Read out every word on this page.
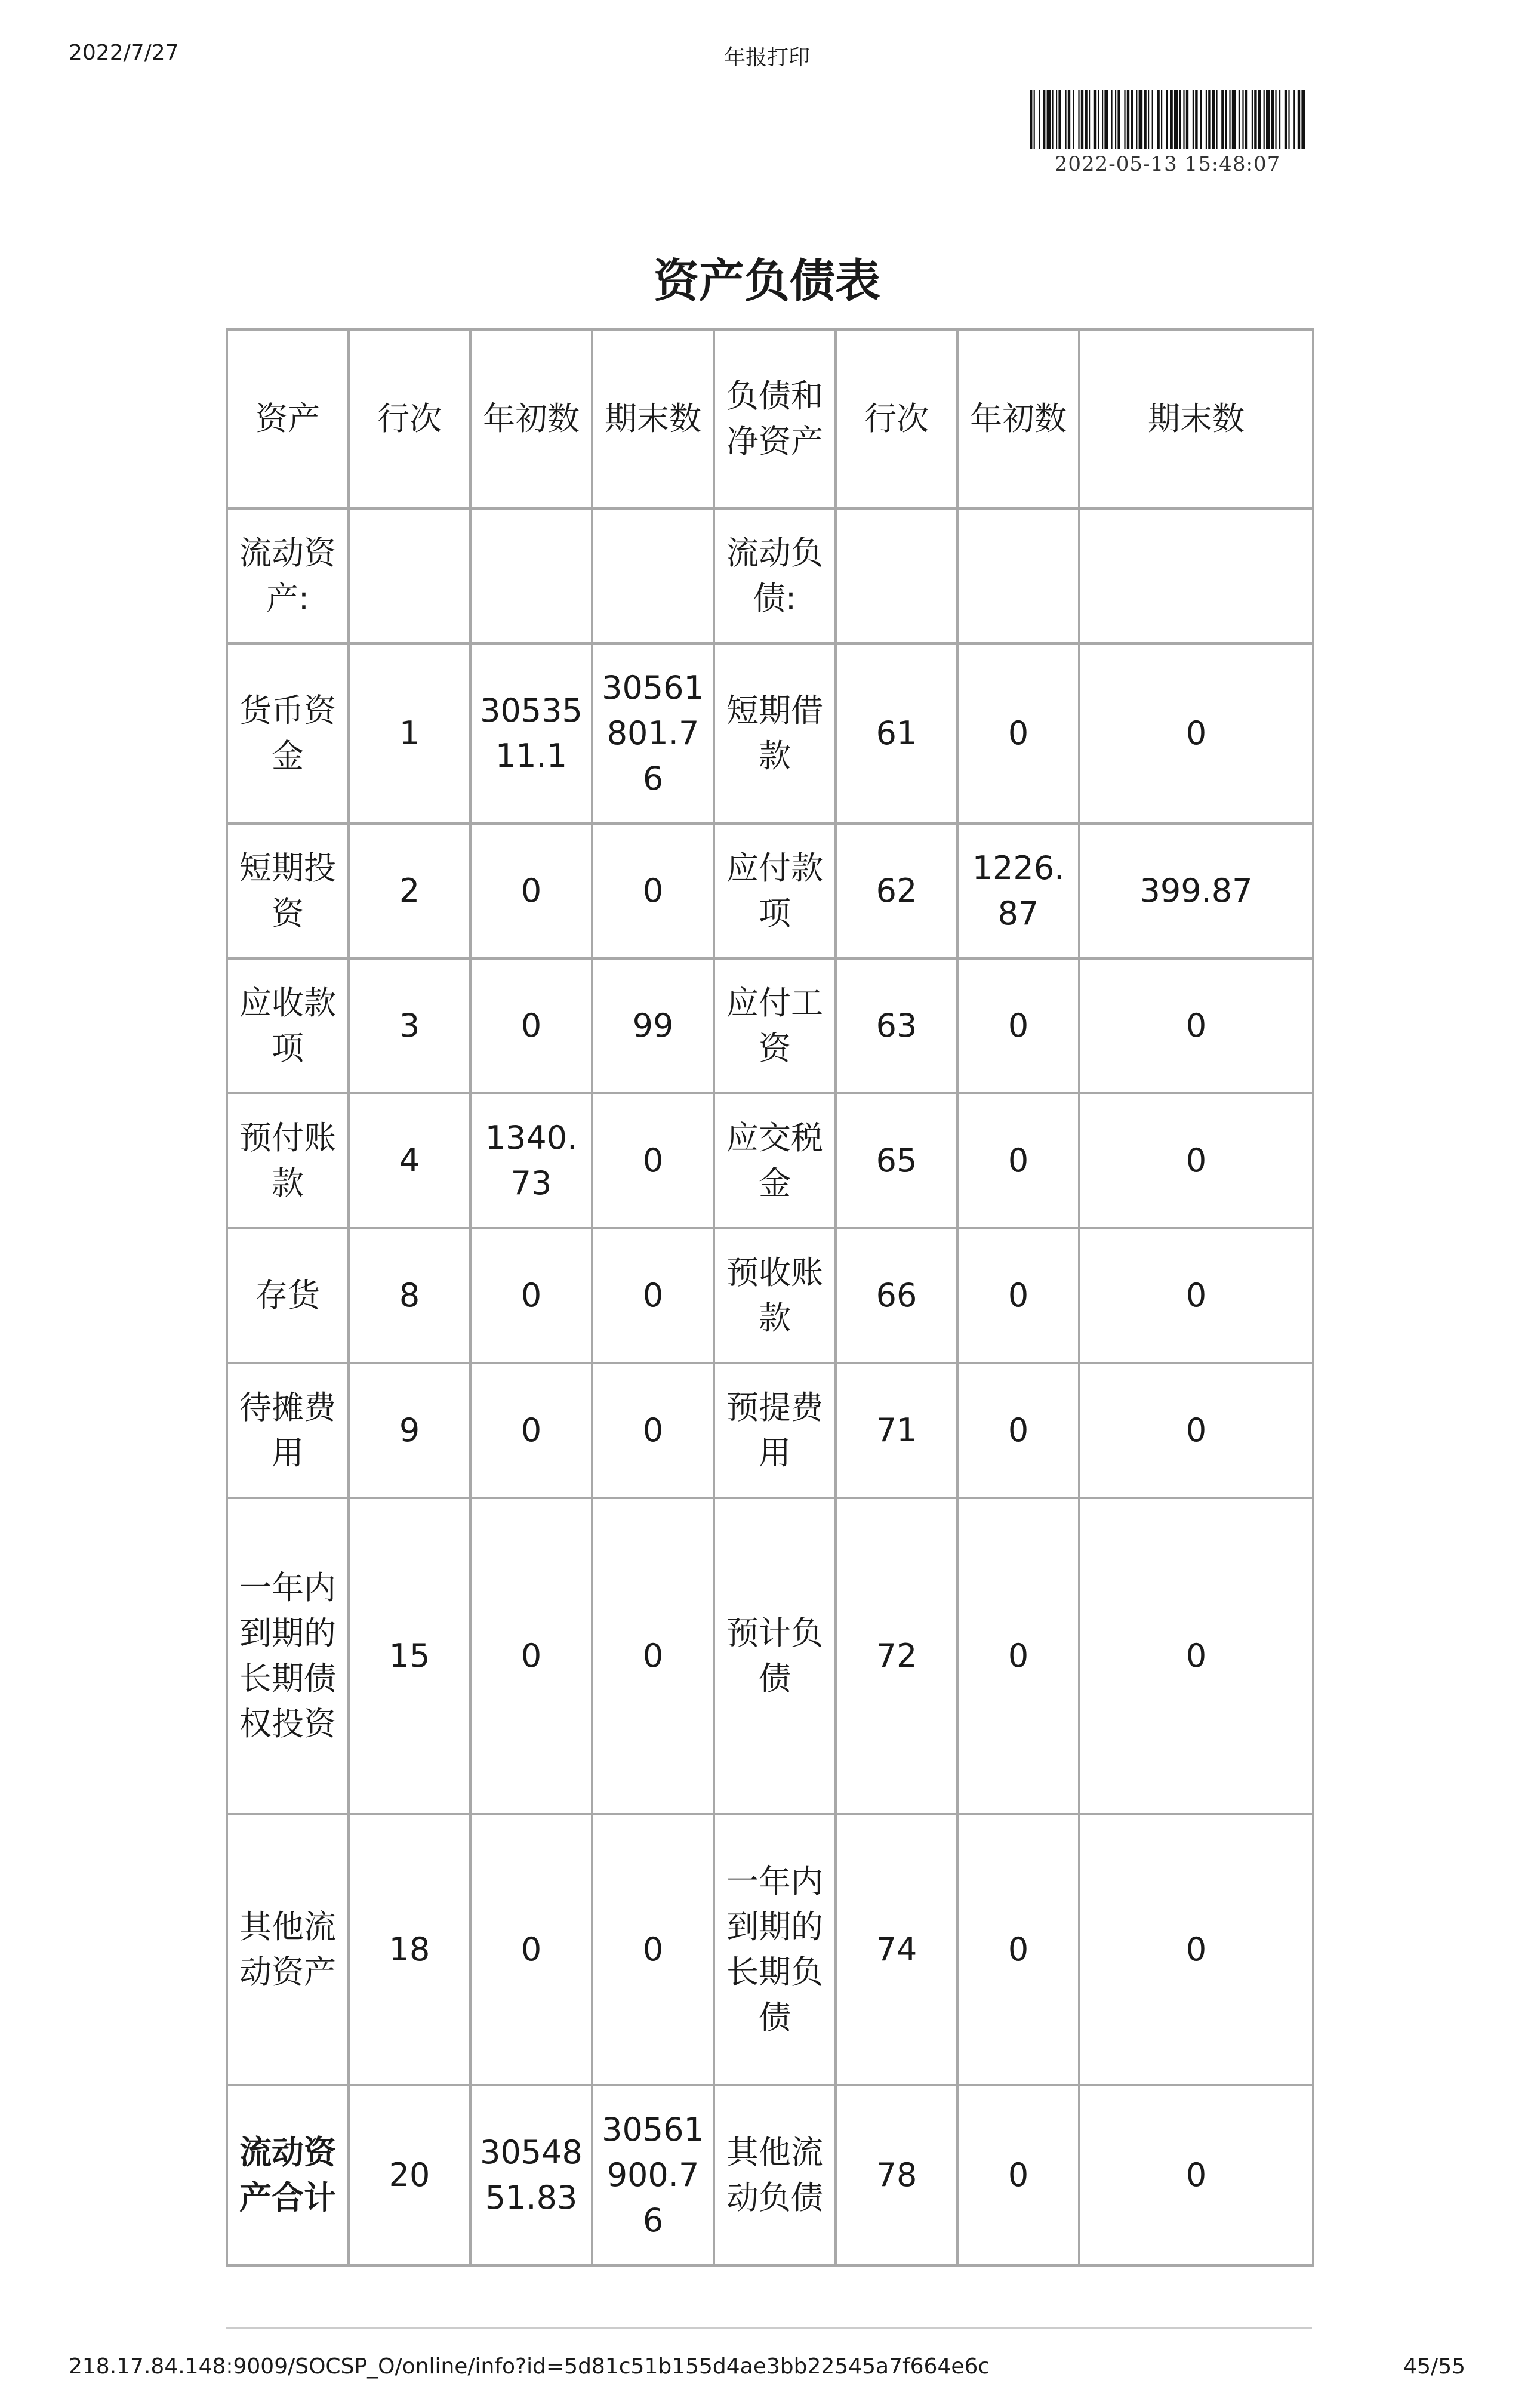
2022/7/27	年报打印
2022-05-13 15:48:07
资产负债表
资产	行次	年初数	期末数	负债和净资产	行次	年初数	期末数
流动资产:				流动负债:			
货币资金	1	3053511.1	30561801.76	短期借款	61	0	0
短期投资	2	0	0	应付款项	62	1226.87	399.87
应收款项	3	0	99	应付工资	63	0	0
预付账款	4	1340.73	0	应交税金	65	0	0
存货	8	0	0	预收账款	66	0	0
待摊费用	9	0	0	预提费用	71	0	0
一年内到期的长期债权投资	15	0	0	预计负债	72	0	0
其他流动资产	18	0	0	一年内到期的长期负债	74	0	0
流动资产合计	20	3054851.83	30561900.76	其他流动负债	78	0	0
218.17.84.148:9009/SOCSP_O/online/info?id=5d81c51b155d4ae3bb22545a7f664e6c	45/55
